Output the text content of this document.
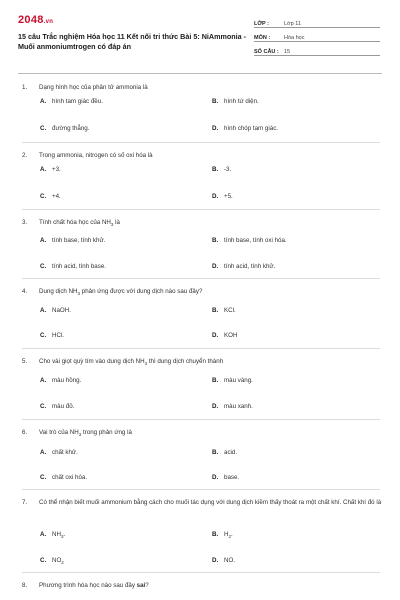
2048.vn
15 câu Trắc nghiệm Hóa học 11 Kết nối tri thức Bài 5: NiAmmonia - Muối anmoniumtrogen có đáp án
LỚP :	Lớp 11
MÔN :	Hóa học
SỐ CÂU : 15
1.	Dạng hình học của phân tử ammonia là
A. hình tam giác đều.	B. hình tứ diện.
C. đường thẳng.	D. hình chóp tam giác.
2.	Trong ammonia, nitrogen có số oxi hóa là
A. +3.	B. -3.
C. +4.	D. +5.
3.	Tính chất hóa học của $NH_3$ là
A. tính base, tính khử.	B. tính base, tính oxi hóa.
C. tính acid, tính base.	D. tính acid, tính khử.
4.	Dung dịch $NH_3$ phản ứng được với dung dịch nào sau đây?
A. NaOH.	B. KCl.
C. HCl.	D. KOH
5.	Cho vài giọt quỳ tím vào dung dịch $NH_3$ thì dung dịch chuyển thành
A. màu hồng.	B. màu vàng.
C. màu đỏ.	D. màu xanh.
6.	Vai trò của $NH_3$ trong phản ứng là
A. chất khử.	B. acid.
C. chất oxi hóa.	D. base.
7.	Có thể nhận biết muối ammonium bằng cách cho muối tác dụng với dung dịch kiềm thấy thoát ra một chất khí. Chất khí đó là
A. $NH_3$.	B. $H_2$.
C. $NO_2$	D. NO.
8.	Phương trình hóa học nào sau đây sai?
